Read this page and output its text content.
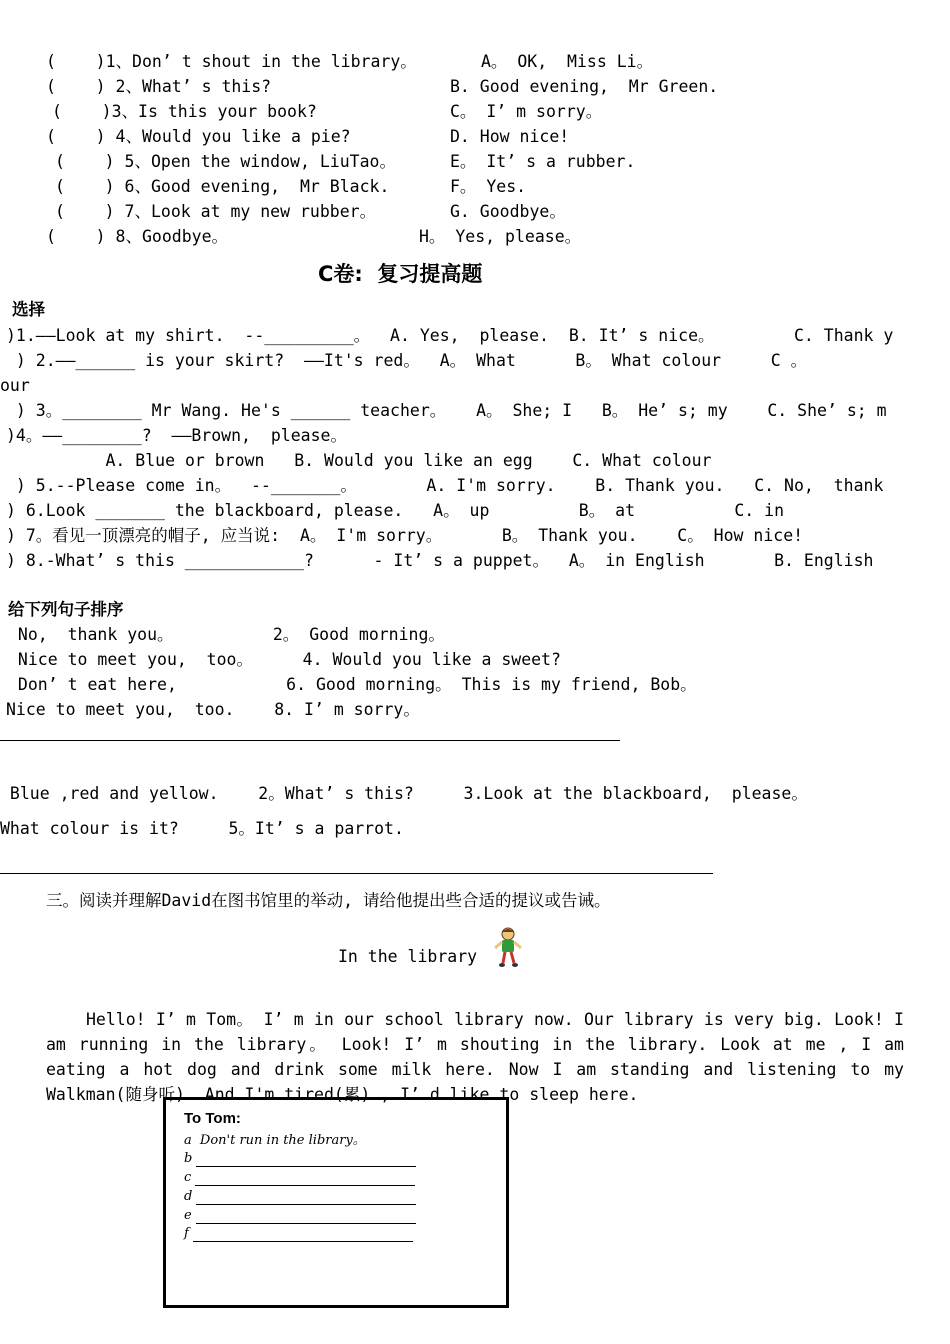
(    )1、Don’ t shout in the library。	A。 OK,  Miss Li。

(    ) 2、What’ s this?	B. Good evening,  Mr Green.

(    )3、Is this your book?	C。 I’ m sorry。

(    ) 4、Would you like a pie?	D. How nice!

(    ) 5、Open the window, LiuTao。	E。 It’ s a rubber.

(    ) 6、Good evening,  Mr Black.	F。 Yes.

(    ) 7、Look at my new rubber。	G. Goodbye。

(    ) 8、Goodbye。	H。 Yes, please。

C卷:  复习提高题

选择

)1.——Look at my shirt.  --_________。  A. Yes,  please.  B. It’ s nice。        C. Thank y

) 2.——______ is your skirt?  ——It's red。  A。 What      B。 What colour     C 。

our

) 3。________ Mr Wang. He's ______ teacher。   A。 She; I   B。 He’ s; my    C. She’ s; m

)4。——________?  ——Brown,  please。

A. Blue or brown   B. Would you like an egg    C. What colour

) 5.--Please come in。  --_______。       A. I'm sorry.    B. Thank you.   C. No,  thank

) 6.Look _______ the blackboard, please.   A。 up         B。 at          C. in

) 7。看见一顶漂亮的帽子, 应当说:  A。 I'm sorry。      B。 Thank you.    C。 How nice!

) 8.-What’ s this ____________?      - It’ s a puppet。  A。 in English       B. English

给下列句子排序

No,  thank you。          2。 Good morning。

Nice to meet you,  too。     4. Would you like a sweet?

Don’ t eat here,           6. Good morning。 This is my friend, Bob。

Nice to meet you,  too.    8. I’ m sorry。

Blue ,red and yellow.    2。What’ s this?     3.Look at the blackboard,  please。

What colour is it?     5。It’ s a parrot.

三。阅读并理解David在图书馆里的举动, 请给他提出些合适的提议或告诫。

In the library

Hello! I’ m Tom。 I’ m in our school library now. Our library is very big. Look! I am running in the library。 Look! I’ m shouting in the library. Look at me , I am eating a hot dog and drink some milk here. Now I am standing and listening to my Walkman(随身听). And I'm tired(累) , I’ d like to sleep here.

To Tom:
a Don't run in the library。
b
c
d
e
f
